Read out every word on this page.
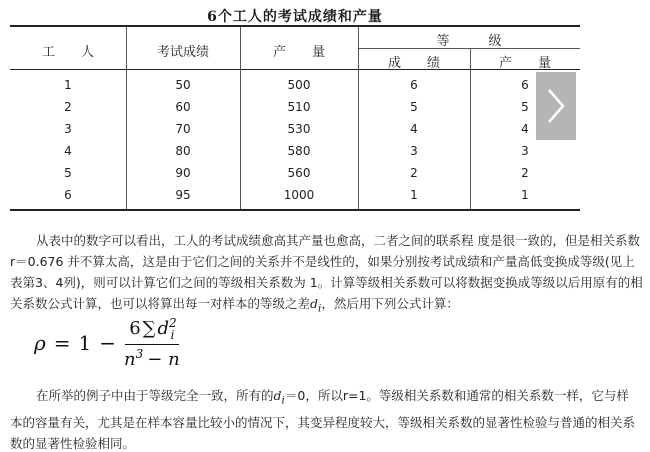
6个工人的考试成绩和产量
工　　人	考试成绩	产　　量
等　　　级
成　　绩	产　　量
1	50	500	6	6
2	60	510	5	5
3	70	530	4	4
4	80	580	3	3
5	90	560	2	2
6	95	1000	1	1
从表中的数字可以看出，工人的考试成绩愈高其产量也愈高，二者之间的联系程 度是很一致的，但是相关系数
r＝0.676 并不算太高，这是由于它们之间的关系并不是线性的，如果分别按考试成绩和产量高低变换成等级(见上
表第3、4列)，则可以计算它们之间的等级相关系数为 1。计算等级相关系数可以将数据变换成等级以后用原有的相
关系数公式计算，也可以将算出每一对样本的等级之差$d_i$，然后用下列公式计算：
$\rho = 1 - \frac{6 \sum d^2_i}{n^3 - n}$
在所举的例子中由于等级完全一致，所有的$d_i=0$，所以r=1。等级相关系数和通常的相关系数一样，它与样
本的容量有关，尤其是在样本容量比较小的情况下，其变异程度较大，等级相关系数的显著性检验与普通的相关系
数的显著性检验相同。
